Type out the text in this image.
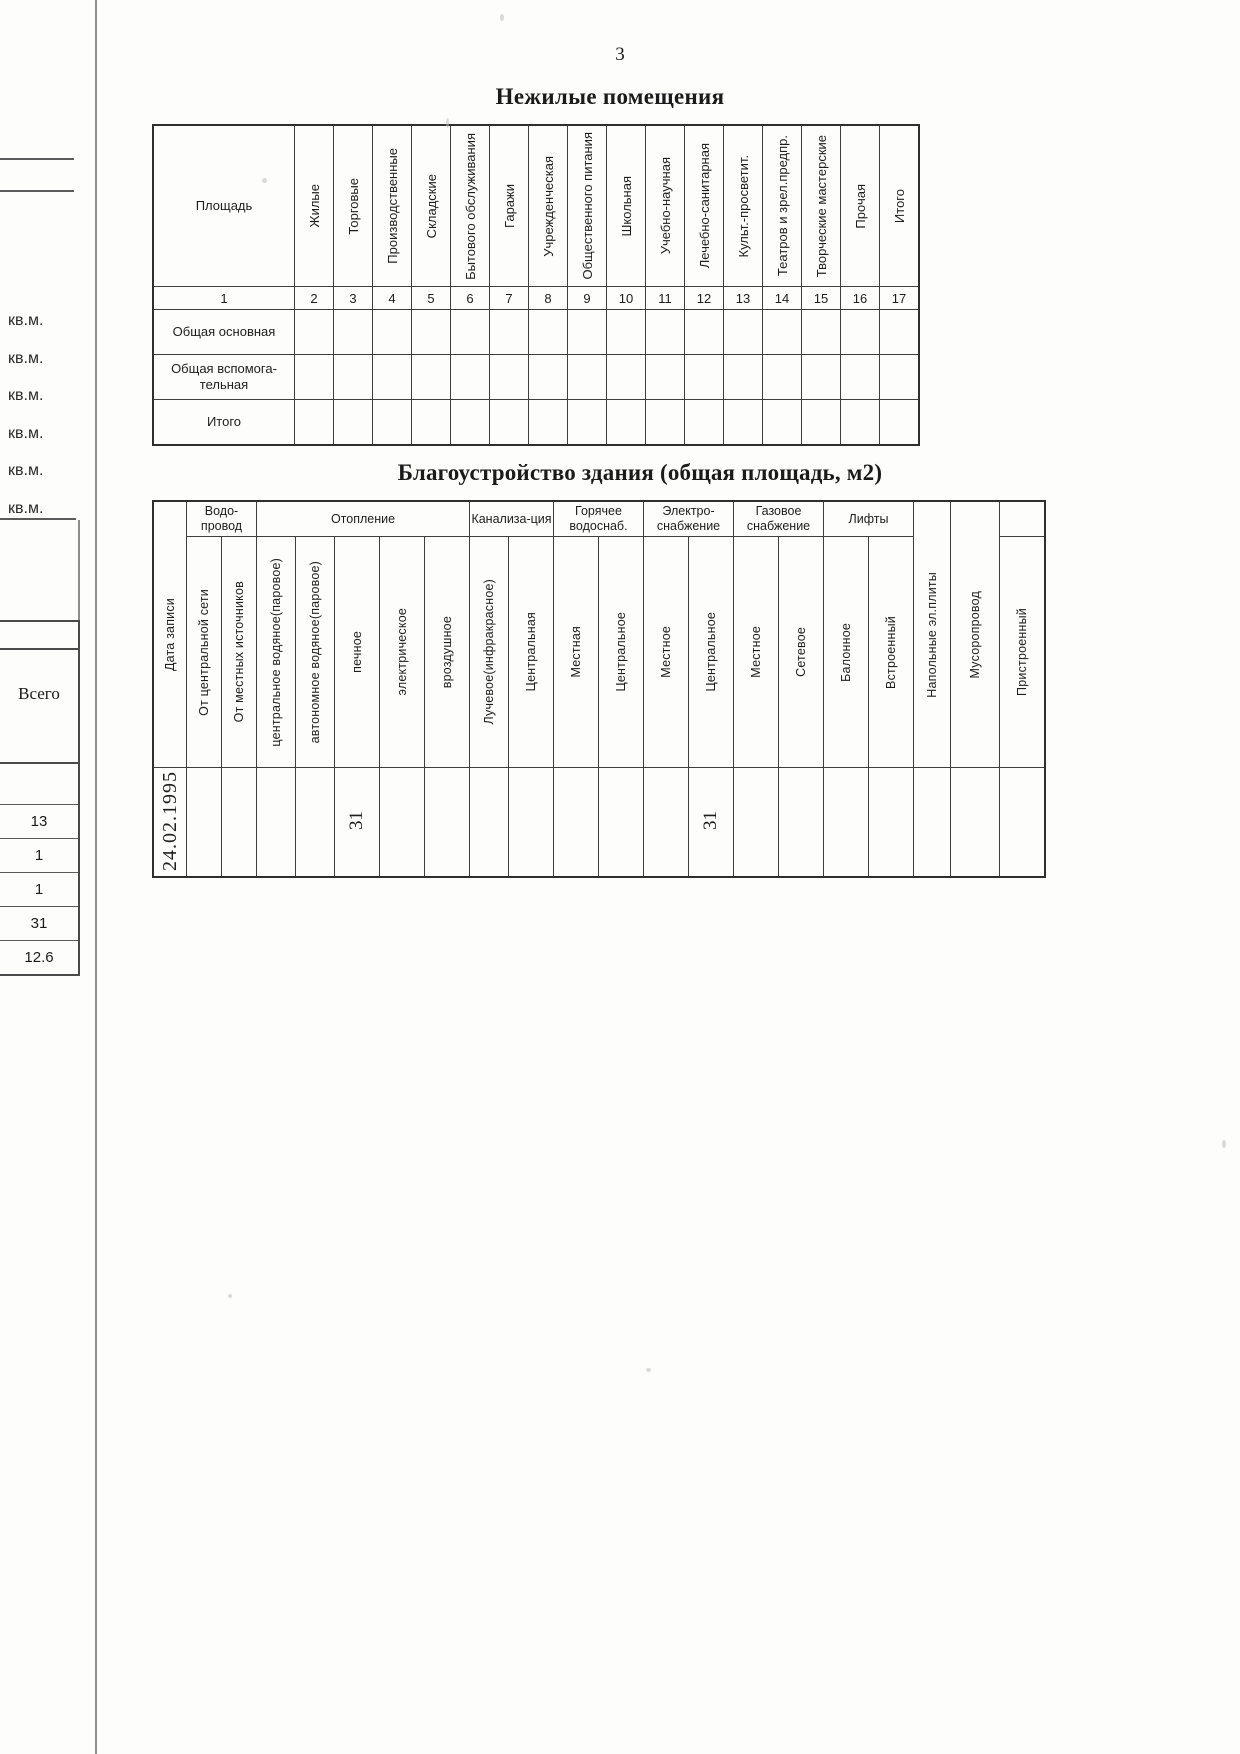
3
кв.м.
кв.м.
кв.м.
кв.м.
кв.м.
кв.м.
Всего
13
1
1
31
12.6
Нежилые помещения
Площадь	Жилые	Торговые	Производственные	Складские	Бытового обслуживания	Гаражи	Учрежденческая	Общественного питания	Школьная	Учебно-научная	Лечебно-санитарная	Культ.-просветит.	Театров и зрел.предпр.	Творческие мастерские	Прочая	Итого

1	2	3	4	5	6	7	8	9	10	11	12	13	14	15	16	17
Общая основная																
Общая вспомога-тельная																
Итого																
Благоустройство здания (общая площадь, м2)
Дата записи	Водо-провод		Отопление					Канализа-ция		Горячее водоснаб.		Электро-снабжение		Газовое снабжение		Лифты		Напольные эл.плиты	Мусоропровод	

	От центральной сети	От местных источников	центральное водяное(паровое)	автономное водяное(паровое)	печное	электрическое	вроздушное	Лучевое(инфракрасное)	Центральная	Местная	Центральное	Местное	Центральное	Местное	Сетевое	Балонное	Встроенный			Пристроенный

24.02.1995					31								31							
